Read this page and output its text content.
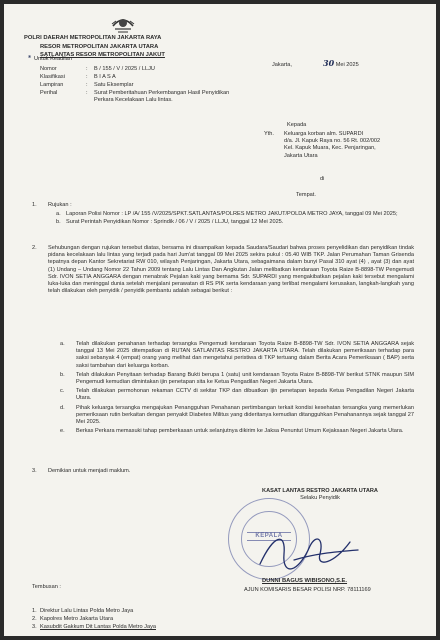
POLRI DAERAH METROPOLITAN JAKARTA RAYA
RESOR METROPOLITAN JAKARTA UTARA
SATLANTAS RESOR METROPOLITAN JAKUT
* Untuk Keadilan
Nomor	: B / 155 / V / 2025 / LLJU
Klasifikasi	: B I A S A
Lampiran	: Satu Eksemplar
Perihal	: Surat Pemberitahuan Perkembangan Hasil Penyidikan Perkara Kecelakaan Lalu lintas.
Jakarta,	30 Mei 2025
Kepada
Yth. Keluarga korban alm. SUPARDI
d/a. Jl. Kapuk Raya no. 56 Rt. 002/002
Kel. Kapuk Muara, Kec. Penjaringan,
Jakarta Utara
di
Tempat.
1. Rujukan :
a. Laporan Polisi Nomor : LP /A/ 155 /V/2025/SPKT.SATLANTAS/POLRES METRO JAKUT/POLDA METRO JAYA, tanggal 09 Mei 2025;
b. Surat Perintah Penyidikan Nomor : Sprindik / 06 / V / 2025 / LLJU, tanggal 12 Mei 2025.
2. Sehubungan dengan rujukan tersebut diatas, bersama ini disampaikan kepada Saudara/Saudari bahwa proses penyelidikan dan penyidikan tindak pidana kecelakaan lalu lintas yang terjadi pada hari Jum'at tanggal 09 Mei 2025 sekira pukul : 05.40 WIB TKP. Jalan Perumahan Taman Grisenda tepatnya depan Kantor Sekretariat RW 010, wilayah Penjaringan, Jakarta Utara, sebagaimana dalam bunyi Pasal 310 ayat (4) , ayat (3) dan ayat (1) Undang – Undang Nomor 22 Tahun 2009 tentang Lalu Lintas Dan Angkutan Jalan melibatkan kendaraan Toyota Raize B-8898-TW Pengemudi Sdr. IVON SETIA ANGGARA dengan menabrak Pejalan kaki yang bernama Sdr. SUPARDI yang mengakibatkan pejalan kaki tersebut mengalami luka-luka dan meninggal dunia setelah menjalani perawatan di RS PIK serta kendaraan yang terlibat mengalami kerusakan, langkah-langkah yang telah dilakukan oleh penyidik / penyidik pembantu adalah sebagai berikut :
a. Telah dilakukan penahanan terhadap tersangka Pengemudi kendaraan Toyota Raize B-8898-TW Sdr. IVON SETIA ANGGARA sejak tanggal 13 Mei 2025 ditempatkan di RUTAN SATLANTAS RESTRO JAKARTA UTARA. Telah dilakukan pemeriksaan terhadap para saksi sebanyak 4 (empat) orang yang melihat dan mengetahui peristiwa di TKP tertuang dalam Berita Acara Pemeriksaan ( BAP) serta saksi tambahan dari keluarga korban.
b. Telah dilakukan Penyitaan terhadap Barang Bukti berupa 1 (satu) unit kendaraan Toyota Raize B-8898-TW berikut STNK maupun SIM Pengemudi kemudian dimintakan ijin penetapan sita ke Ketua Pengadilan Negeri Jakarta Utara.
c. Telah dilakukan permohonan rekaman CCTV di sekitar TKP dan dibuatkan ijin penetapan kepada Ketua Pengadilan Negeri Jakarta Utara.
d. Pihak keluarga tersangka mengajukan Penangguhan Penahanan pertimbangan terkait kondisi kesehatan tersangka yang memerlukan pemeriksaan rutin berkaitan dengan penyakit Diabetes Militus yang dideritanya kemudian ditangguhkan Penahanannya sejak tanggal 27 Mei 2025.
e. Berkas Perkara memasuki tahap pemberkasan untuk selanjutnya dikirim ke Jaksa Penuntut Umum Kejaksaan Negeri Jakarta Utara.
3. Demikian untuk menjadi maklum.
KASAT LANTAS RESTRO JAKARTA UTARA
Selaku Penyidik
KEPALA
DUNNI BAGUS WIBISONO,S.E.
AJUN KOMISARIS BESAR POLISI NRP. 78111169
Tembusan :
1. Direktur Lalu Lintas Polda Metro Jaya
2. Kapolres Metro Jakarta Utara
3. Kasubdit Gakkum Dit Lantas Polda Metro Jaya
